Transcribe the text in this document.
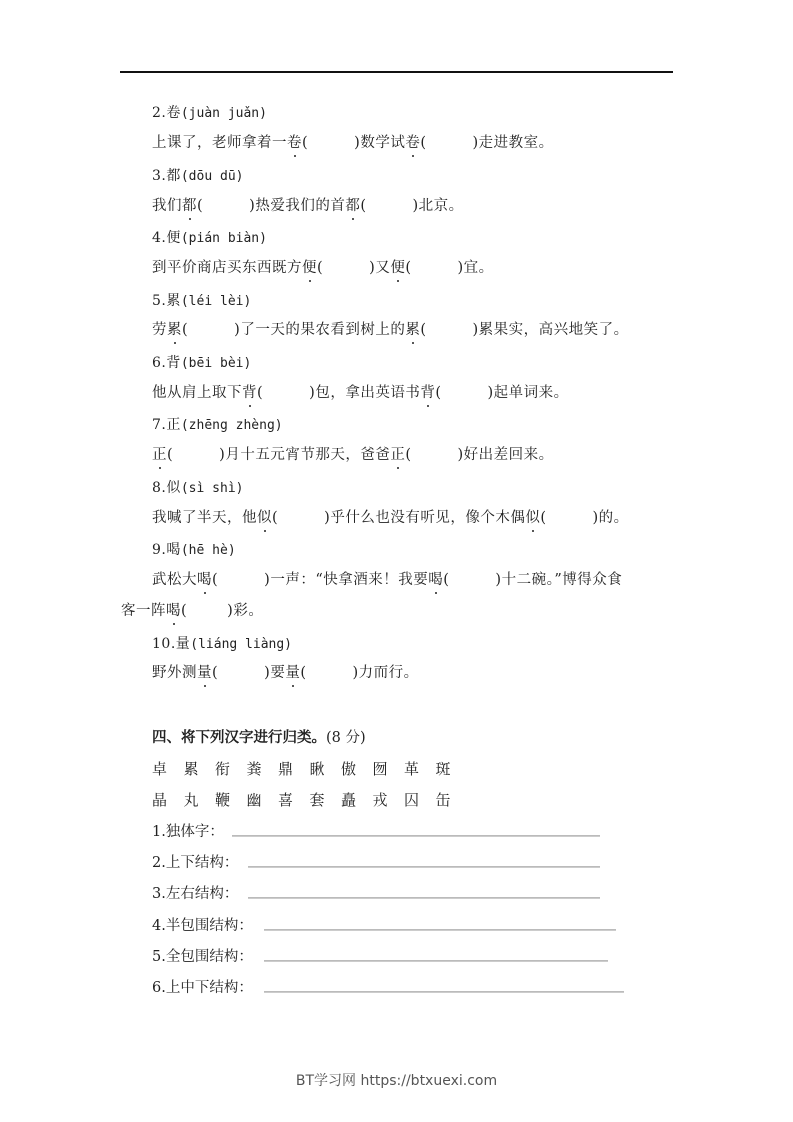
2.卷(juàn juǎn)
上课了，老师拿着一卷(	)数学试卷(	)走进教室。
3.都(dōu dū)
我们都(	)热爱我们的首都(	)北京。
4.便(pián biàn)
到平价商店买东西既方便(	)又便(	)宜。
5.累(léi lèi)
劳累(	)了一天的果农看到树上的累(	)累果实，高兴地笑了。
6.背(bēi bèi)
他从肩上取下背(	)包，拿出英语书背(	)起单词来。
7.正(zhēng zhèng)
正(	)月十五元宵节那天，爸爸正(	)好出差回来。
8.似(sì shì)
我喊了半天，他似(	)乎什么也没有听见，像个木偶似(	)的。
9.喝(hē hè)
武松大喝(	)一声：“快拿酒来！我要喝(	)十二碗。”博得众食
客一阵喝(	)彩。
10.量(liáng liàng)
野外测量(	)要量(	)力而行。
四、将下列汉字进行归类。(8 分)
卓 累 衔 粪 鼎 瞅 傲 囫 革 斑
晶 丸 鞭 幽 喜 套 矗 戎 囚 缶
1.独体字：
2.上下结构：
3.左右结构：
4.半包围结构：
5.全包围结构：
6.上中下结构：
BT学习网 https://btxuexi.com
